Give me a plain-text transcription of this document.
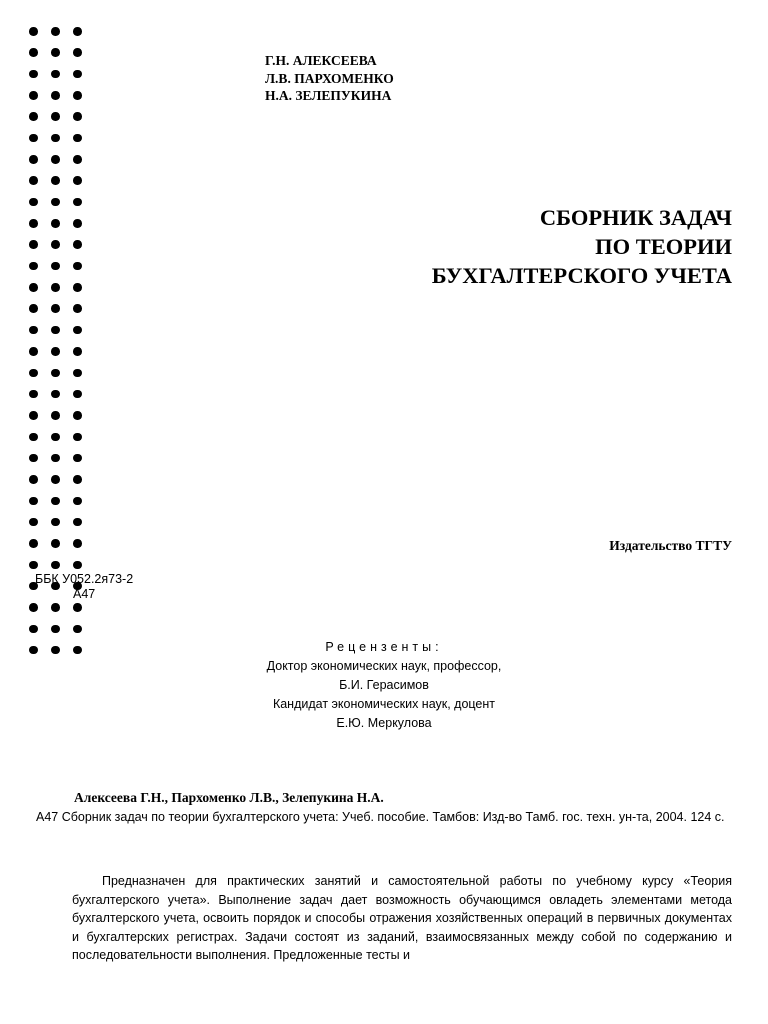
Г.Н. АЛЕКСЕЕВА
Л.В. ПАРХОМЕНКО
Н.А. ЗЕЛЕПУКИНА
СБОРНИК ЗАДАЧ
ПО ТЕОРИИ
БУХГАЛТЕРСКОГО УЧЕТА
Издательство ТГТУ
ББК У052.2я73-2
А47
Рецензенты:
Доктор экономических наук, профессор,
Б.И. Герасимов
Кандидат экономических наук, доцент
Е.Ю. Меркулова
Алексеева Г.Н., Пархоменко Л.В., Зелепукина Н.А.
А47 Сборник задач по теории бухгалтерского учета: Учеб. пособие. Тамбов: Изд-во Тамб. гос. техн. ун-та, 2004. 124 с.
Предназначен для практических занятий и самостоятельной работы по учебному курсу «Теория бухгалтерского учета». Выполнение задач дает возможность обучающимся овладеть элементами метода бухгалтерского учета, освоить порядок и способы отражения хозяйственных операций в первичных документах и бухгалтерских регистрах. Задачи состоят из заданий, взаимосвязанных между собой по содержанию и последовательности выполнения. Предложенные тесты и
